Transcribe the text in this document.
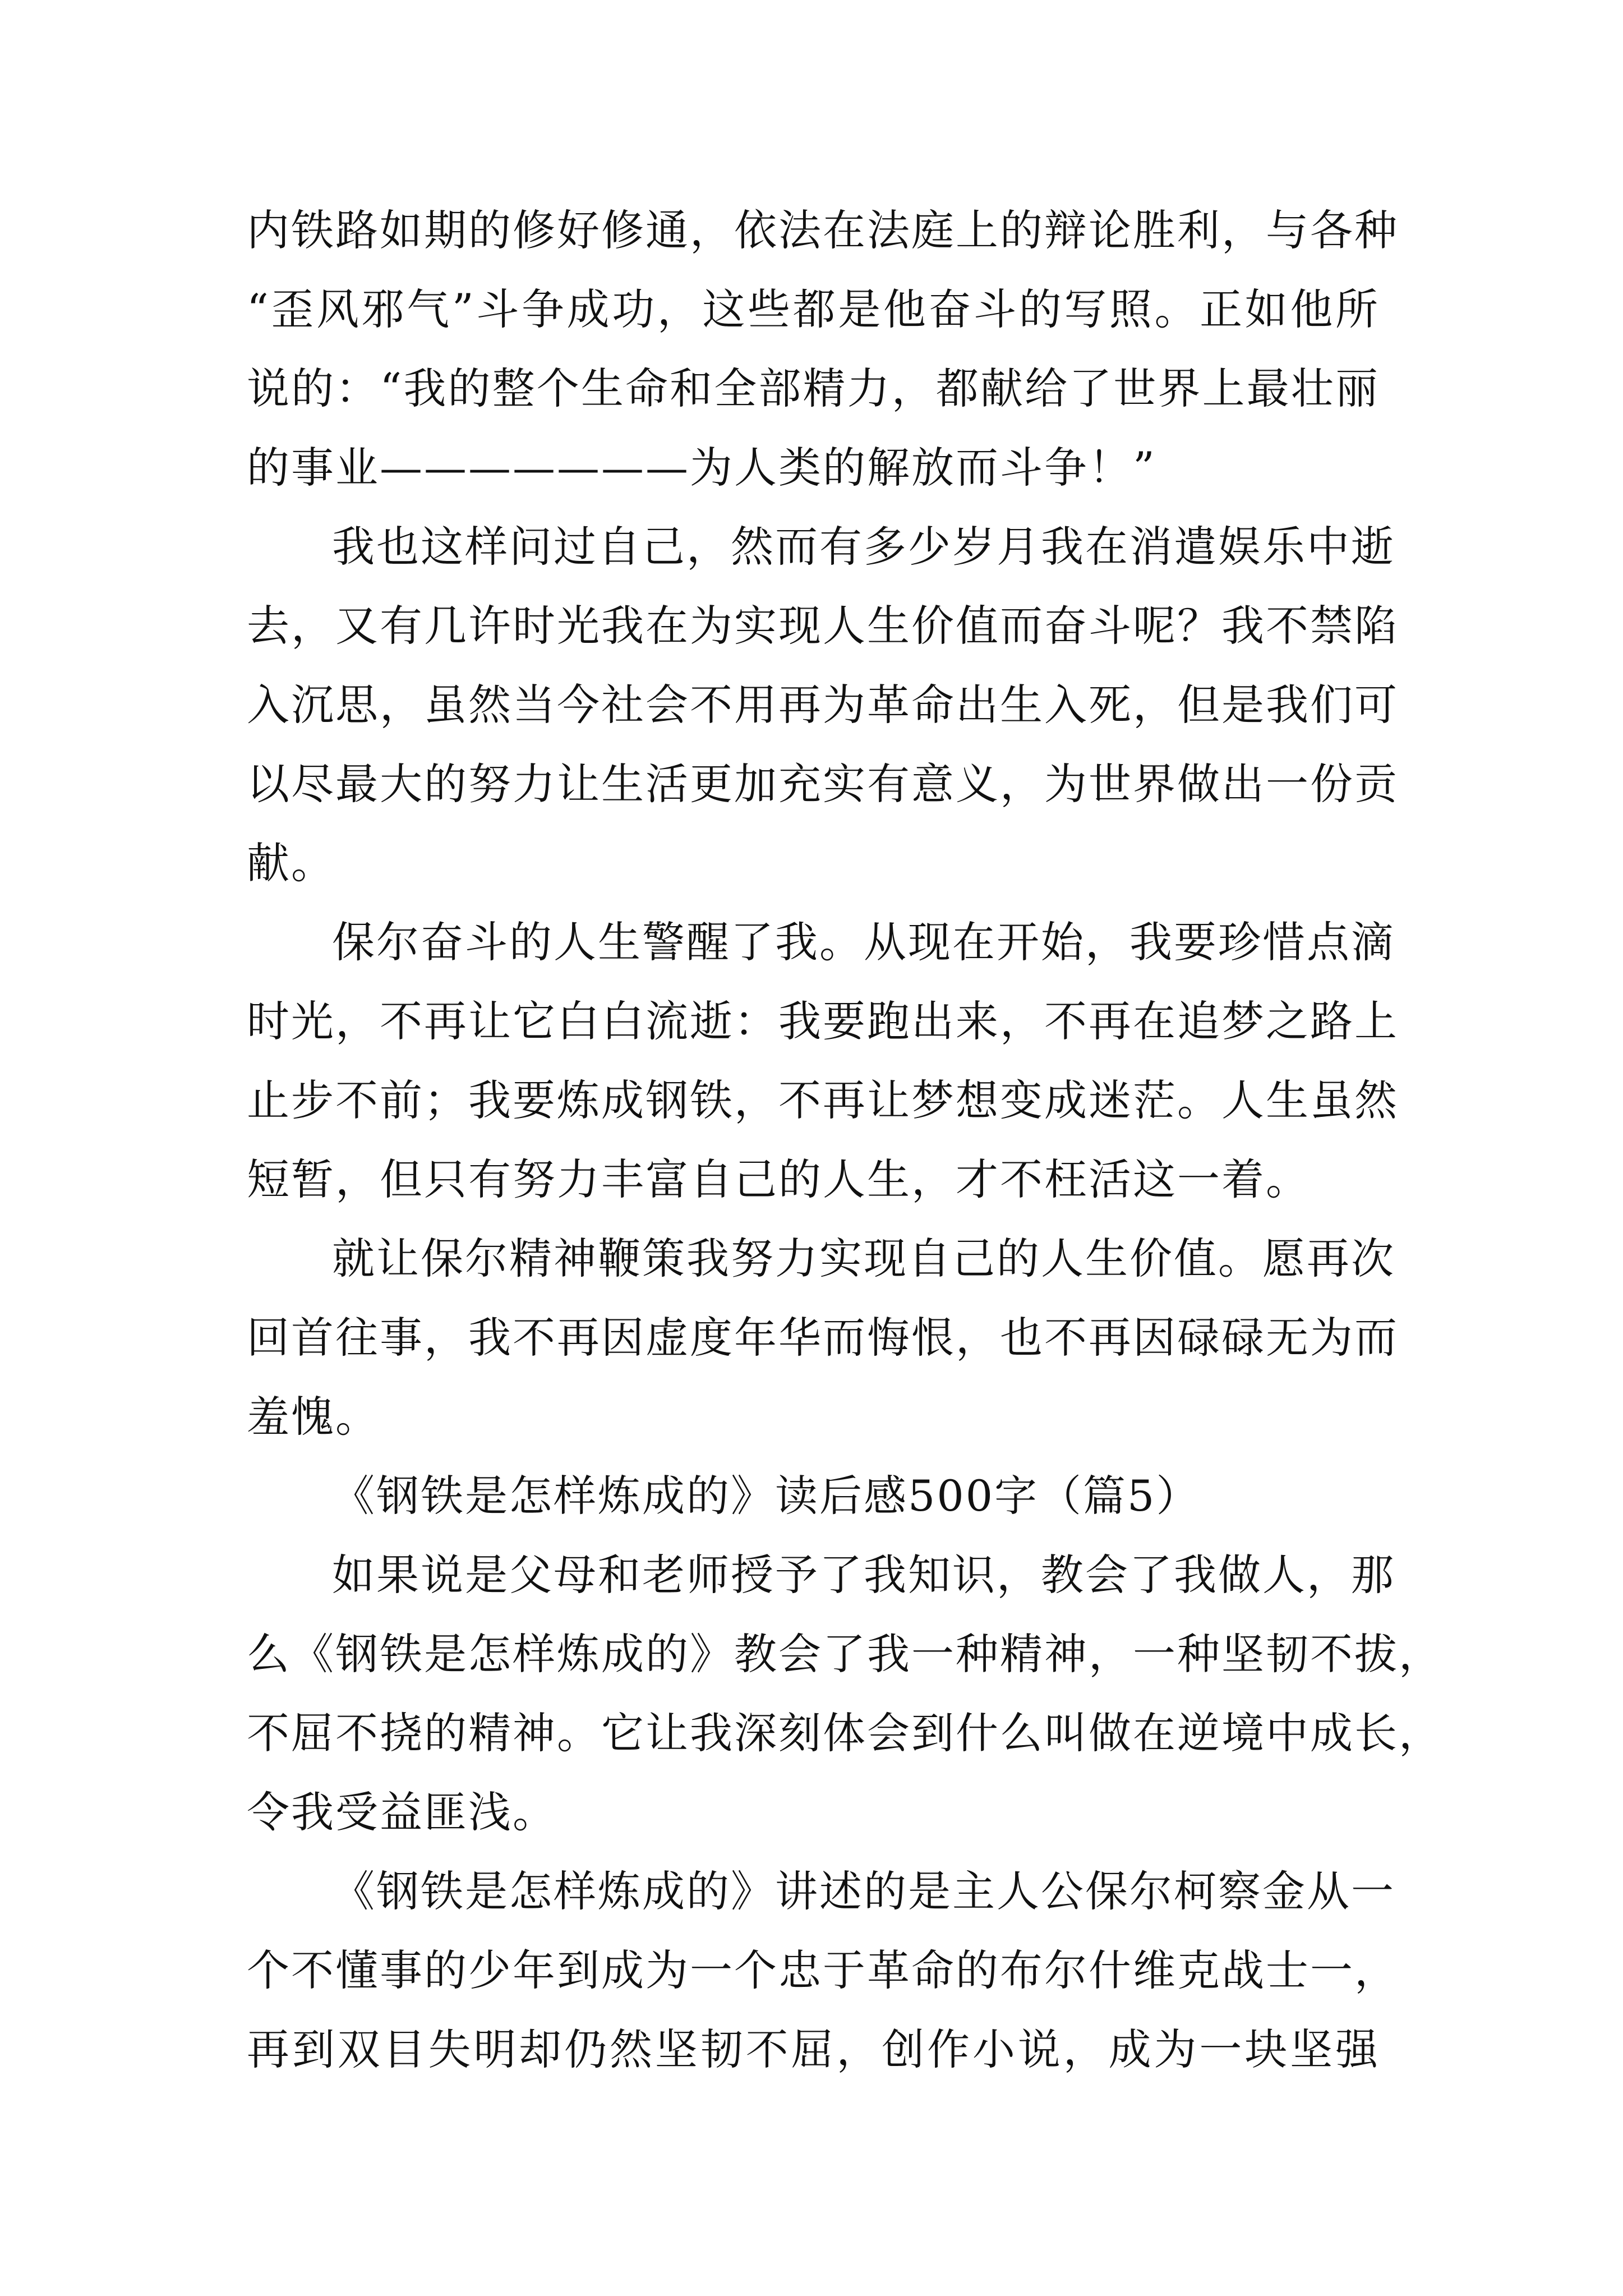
内铁路如期的修好修通，依法在法庭上的辩论胜利，与各种
“歪风邪气”斗争成功，这些都是他奋斗的写照。正如他所
说的：“我的整个生命和全部精力，都献给了世界上最壮丽
的事业———————为人类的解放而斗争！”
我也这样问过自己，然而有多少岁月我在消遣娱乐中逝
去，又有几许时光我在为实现人生价值而奋斗呢？我不禁陷
入沉思，虽然当今社会不用再为革命出生入死，但是我们可
以尽最大的努力让生活更加充实有意义，为世界做出一份贡
献。
保尔奋斗的人生警醒了我。从现在开始，我要珍惜点滴
时光，不再让它白白流逝：我要跑出来，不再在追梦之路上
止步不前；我要炼成钢铁，不再让梦想变成迷茫。人生虽然
短暂，但只有努力丰富自己的人生，才不枉活这一着。
就让保尔精神鞭策我努力实现自己的人生价值。愿再次
回首往事，我不再因虚度年华而悔恨，也不再因碌碌无为而
羞愧。
《钢铁是怎样炼成的》读后感500字（篇5）
如果说是父母和老师授予了我知识，教会了我做人，那
么《钢铁是怎样炼成的》教会了我一种精神，一种坚韧不拔，
不屈不挠的精神。它让我深刻体会到什么叫做在逆境中成长，
令我受益匪浅。
《钢铁是怎样炼成的》讲述的是主人公保尔柯察金从一
个不懂事的少年到成为一个忠于革命的布尔什维克战士一，
再到双目失明却仍然坚韧不屈，创作小说，成为一块坚强
